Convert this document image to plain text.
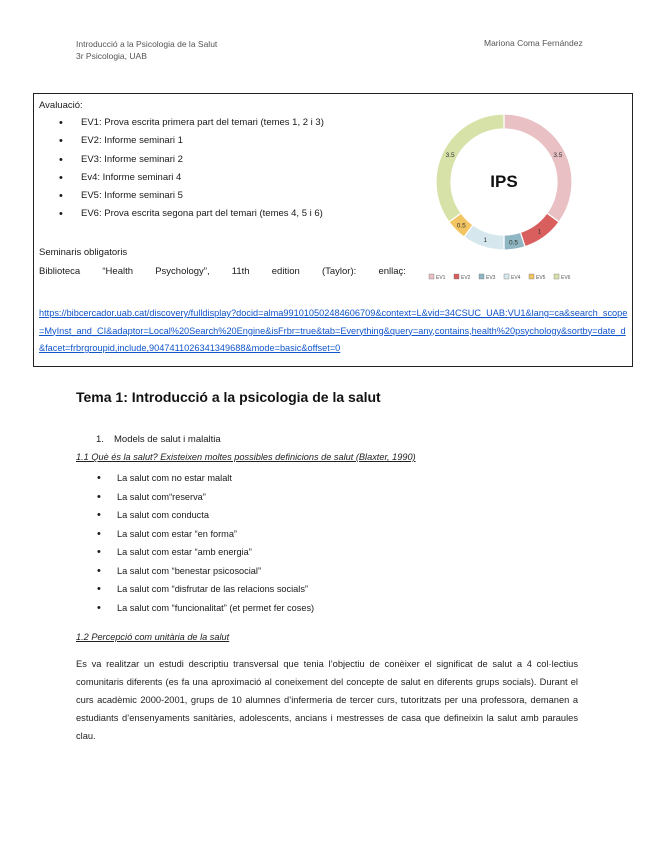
Introducció a la Psicologia de la Salut
3r Psicologia, UAB
Mariona Coma Fernández
Avaluació:
• EV1: Prova escrita primera part del temari (temes 1, 2 i 3)
• EV2: Informe seminari 1
• EV3: Informe seminari 2
• Ev4: Informe seminari 4
• EV5: Informe seminari 5
• EV6: Prova escrita segona part del temari (temes 4, 5 i 6)
Seminaris obligatoris
Biblioteca “Health Psychology”, 11th edition (Taylor): enllaç:
https://bibcercador.uab.cat/discovery/fulldisplay?docid=alma991010502484606709&context=L&vid=34CSUC_UAB:VU1&lang=ca&search_scope=MyInst_and_CI&adaptor=Local%20Search%20Engine&isFrbr=true&tab=Everything&query=any,contains,health%20psychology&sortby=date_d&facet=frbrgroupid,include,9047411026341349688&mode=basic&offset=0
3.5
1
0.5
1
0.5
3.5
IPS
EV1	EV2	EV3	EV4	EV5	EV6
Tema 1: Introducció a la psicologia de la salut
1. Models de salut i malaltia
1.1 Què és la salut? Existeixen moltes possibles definicions de salut (Blaxter, 1990)
• La salut com no estar malalt
• La salut com“reserva”
• La salut com conducta
• La salut com estar “en forma”
• La salut com estar “amb energia”
• La salut com “benestar psicosocial”
• La salut com “disfrutar de las relacions socials”
• La salut com “funcionalitat” (et permet fer coses)
1.2 Percepció com unitària de la salut
Es va realitzar un estudi descriptiu transversal que tenia l’objectiu de conèixer el significat de salut a 4 col·lectius comunitaris diferents (es fa una aproximació al coneixement del concepte de salut en diferents grups socials). Durant el curs acadèmic 2000-2001, grups de 10 alumnes d’infermeria de tercer curs, tutoritzats per una professora, demanen a estudiants d’ensenyaments sanitàries, adolescents, ancians i mestresses de casa que defineixin la salut amb paraules clau.
